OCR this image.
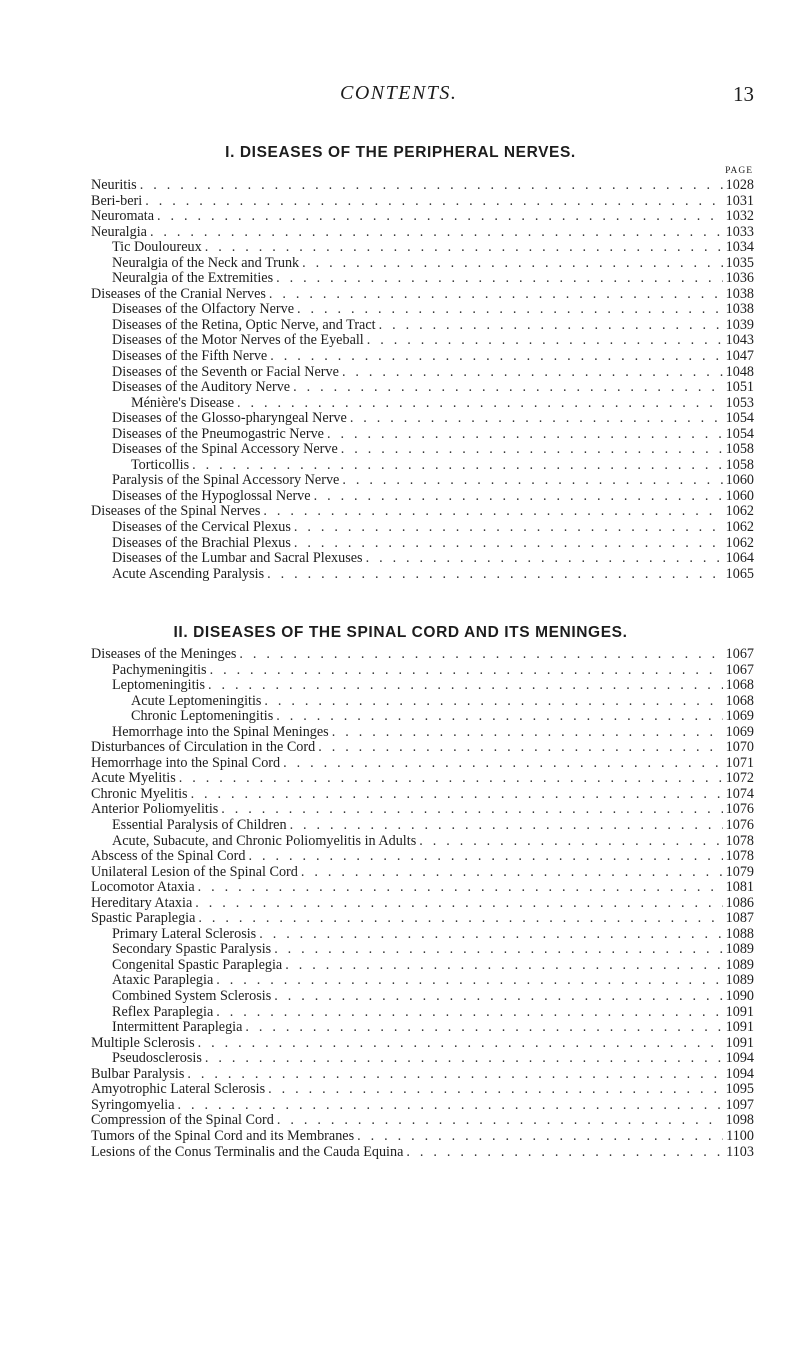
CONTENTS.	13
I. DISEASES OF THE PERIPHERAL NERVES.
PAGE
Neuritis . . .	1028
Beri-beri . . .	1031
Neuromata . . .	1032
Neuralgia . . .	1033
Tic Douloureux . . .	1034
Neuralgia of the Neck and Trunk . . .	1035
Neuralgia of the Extremities . . .	1036
Diseases of the Cranial Nerves . . .	1038
Diseases of the Olfactory Nerve . . .	1038
Diseases of the Retina, Optic Nerve, and Tract . . .	1039
Diseases of the Motor Nerves of the Eyeball . . .	1043
Diseases of the Fifth Nerve . . .	1047
Diseases of the Seventh or Facial Nerve . . .	1048
Diseases of the Auditory Nerve . . .	1051
Ménière's Disease . . .	1053
Diseases of the Glosso-pharyngeal Nerve . . .	1054
Diseases of the Pneumogastric Nerve . . .	1054
Diseases of the Spinal Accessory Nerve . . .	1058
Torticollis . . .	1058
Paralysis of the Spinal Accessory Nerve . . .	1060
Diseases of the Hypoglossal Nerve . . .	1060
Diseases of the Spinal Nerves . . .	1062
Diseases of the Cervical Plexus . . .	1062
Diseases of the Brachial Plexus . . .	1062
Diseases of the Lumbar and Sacral Plexuses . . .	1064
Acute Ascending Paralysis . . .	1065
II. DISEASES OF THE SPINAL CORD AND ITS MENINGES.
Diseases of the Meninges . . .	1067
Pachymeningitis . . .	1067
Leptomeningitis . . .	1068
Acute Leptomeningitis . . .	1068
Chronic Leptomeningitis . . .	1069
Hemorrhage into the Spinal Meninges . . .	1069
Disturbances of Circulation in the Cord . . .	1070
Hemorrhage into the Spinal Cord . . .	1071
Acute Myelitis . . .	1072
Chronic Myelitis . . .	1074
Anterior Poliomyelitis . . .	1076
Essential Paralysis of Children . . .	1076
Acute, Subacute, and Chronic Poliomyelitis in Adults . . .	1078
Abscess of the Spinal Cord . . .	1078
Unilateral Lesion of the Spinal Cord . . .	1079
Locomotor Ataxia . . .	1081
Hereditary Ataxia . . .	1086
Spastic Paraplegia . . .	1087
Primary Lateral Sclerosis . . .	1088
Secondary Spastic Paralysis . . .	1089
Congenital Spastic Paraplegia . . .	1089
Ataxic Paraplegia . . .	1089
Combined System Sclerosis . . .	1090
Reflex Paraplegia . . .	1091
Intermittent Paraplegia . . .	1091
Multiple Sclerosis . . .	1091
Pseudosclerosis . . .	1094
Bulbar Paralysis . . .	1094
Amyotrophic Lateral Sclerosis . . .	1095
Syringomyelia . . .	1097
Compression of the Spinal Cord . . .	1098
Tumors of the Spinal Cord and its Membranes . . .	1100
Lesions of the Conus Terminalis and the Cauda Equina . . .	1103
